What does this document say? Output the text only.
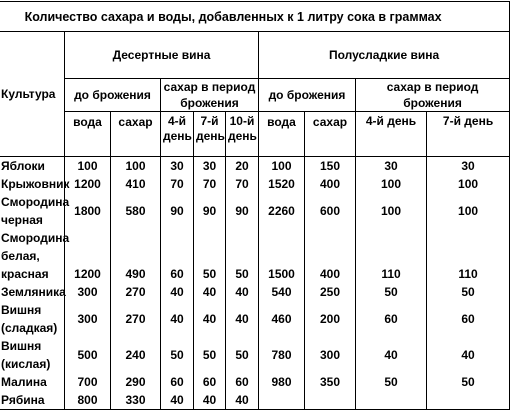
Количество сахара и воды, добавленных к 1 литру сока в граммах									

Культура	Десертные вина					Полусладкие вина			
	до брожения		сахар в период брожения			до брожения		сахар в период брожения	
	вода	сахар	4-й день	7-й день	10-й день	вода	сахар	4-й день	7-й день

Яблоки	100	100	30	30	20	100	150	30	30

Крыжовник	1200	410	70	70	70	1520	400	100	100

Смородина
черная	1800	580	90	90	90	2260	600	100	100

Смородина
белая,
красная	1200	490	60	50	50	1500	400	110	110

Земляника	300	270	40	40	40	540	250	50	50

Вишня
(сладкая)	300	270	40	40	40	460	200	60	60

Вишня
(кислая)	500	240	50	50	50	780	300	40	40

Малина	700	290	60	60	60	980	350	50	50

Рябина	800	330	40	40	40				
